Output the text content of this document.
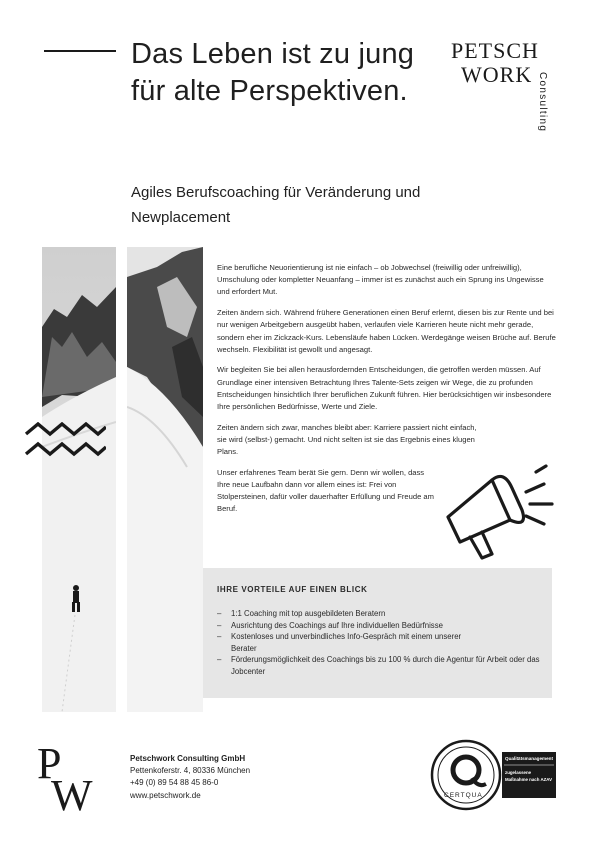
Das Leben ist zu jung für alte Perspektiven.
PETSCH
WORK Consulting
Agiles Berufscoaching für Veränderung und Newplacement

Eine berufliche Neuorientierung ist nie einfach – ob Jobwechsel (freiwillig oder unfreiwillig), Umschulung oder kompletter Neuanfang – immer ist es zunächst auch ein Sprung ins Ungewisse und erfordert Mut.

Zeiten ändern sich. Während frühere Generationen einen Beruf erlernt, diesen bis zur Rente und bei nur wenigen Arbeitgebern ausgeübt haben, verlaufen viele Karrieren heute nicht mehr gerade, sondern eher im Zickzack-Kurs. Lebensläufe haben Lücken. Werdegänge weisen Brüche auf. Berufe wechseln. Flexibilität ist gewollt und angesagt.

Wir begleiten Sie bei allen herausfordernden Entscheidungen, die getroffen werden müssen. Auf Grundlage einer intensiven Betrachtung Ihres Talente-Sets zeigen wir Wege, die zu profunden Entscheidungen hinsichtlich Ihrer beruflichen Zukunft führen. Hier berücksichtigen wir insbesondere Ihre persönlichen Bedürfnisse, Werte und Ziele.

Zeiten ändern sich zwar, manches bleibt aber: Karriere passiert nicht einfach, sie wird (selbst-) gemacht. Und nicht selten ist sie das Ergebnis eines klugen Plans.

Unser erfahrenes Team berät Sie gern. Denn wir wollen, dass Ihre neue Laufbahn dann vor allem eines ist: Frei von Stolpersteinen, dafür voller dauerhafter Erfüllung und Freude am Beruf.

IHRE VORTEILE AUF EINEN BLICK
– 1:1 Coaching mit top ausgebildeten Beratern
– Ausrichtung des Coachings auf Ihre individuellen Bedürfnisse
– Kostenloses und unverbindliches Info-Gespräch mit einem unserer Berater
– Förderungsmöglichkeit des Coachings bis zu 100 % durch die Agentur für Arbeit oder das Jobcenter
P
W
Petschwork Consulting GmbH
Pettenkoferstr. 4, 80336 München
+49 (0) 89 54 88 45 86-0
www.petschwork.de	CERTQUA
Qualitätsmanagement
zugelassene
Maßnahme nach AZAV
